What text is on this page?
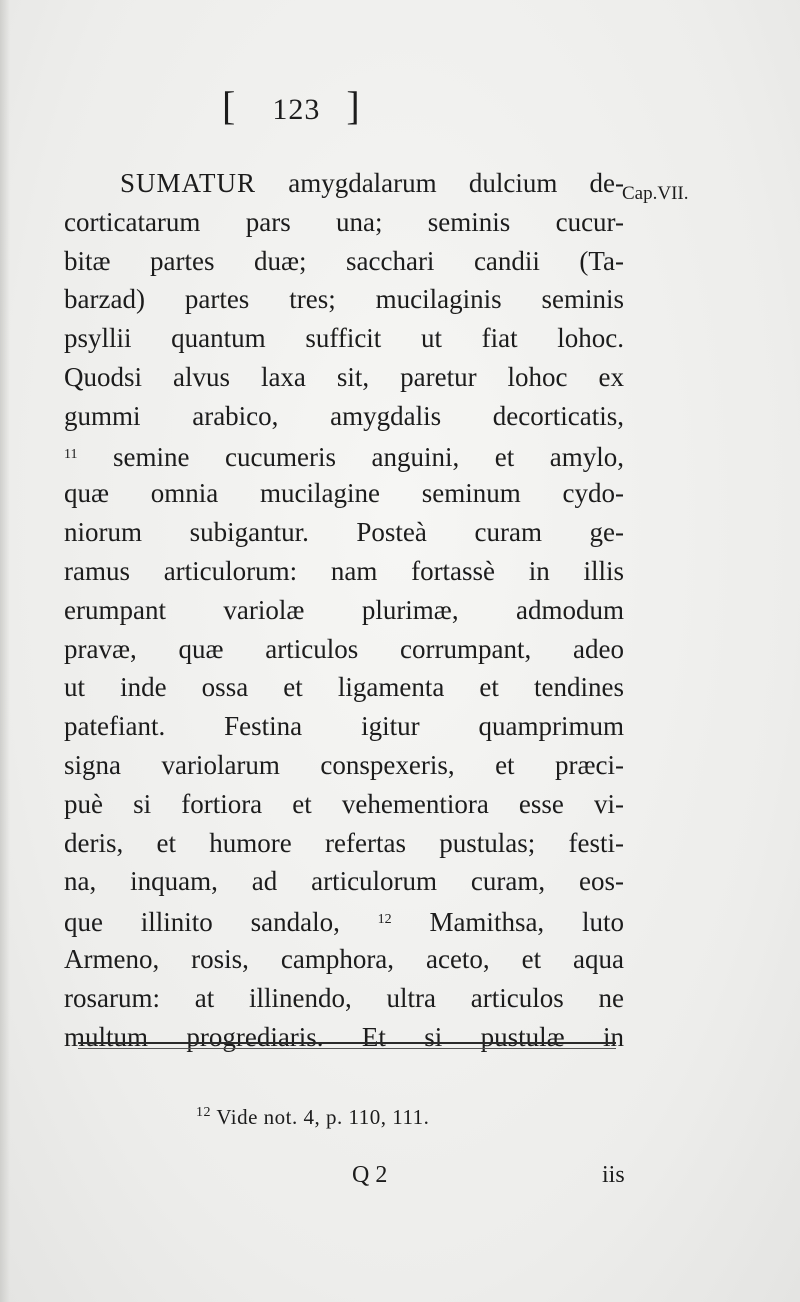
[ 123 ]
Cap.VII.
SUMATUR amygdalarum dulcium de-
corticatarum pars una; seminis cucur-
bitæ partes duæ; sacchari candii (Ta-
barzad) partes tres; mucilaginis seminis
psyllii quantum sufficit ut fiat lohoc.
Quodsi alvus laxa sit, paretur lohoc ex
gummi arabico, amygdalis decorticatis,
$^{11}$ semine cucumeris anguini, et amylo,
quæ omnia mucilagine seminum cydo-
niorum subigantur. Posteà curam ge-
ramus articulorum: nam fortassè in illis
erumpant variolæ plurimæ, admodum
pravæ, quæ articulos corrumpant, adeo
ut inde ossa et ligamenta et tendines
patefiant. Festina igitur quamprimum
signa variolarum conspexeris, et præci-
puè si fortiora et vehementiora esse vi-
deris, et humore refertas pustulas; festi-
na, inquam, ad articulorum curam, eos-
que illinito sandalo, $^{12}$ Mamithsa, luto
Armeno, rosis, camphora, aceto, et aqua
rosarum: at illinendo, ultra articulos ne
multum progrediaris. Et si pustulæ in
$^{12}$ Vide not. 4, p. 110, 111.
Q 2	iis
